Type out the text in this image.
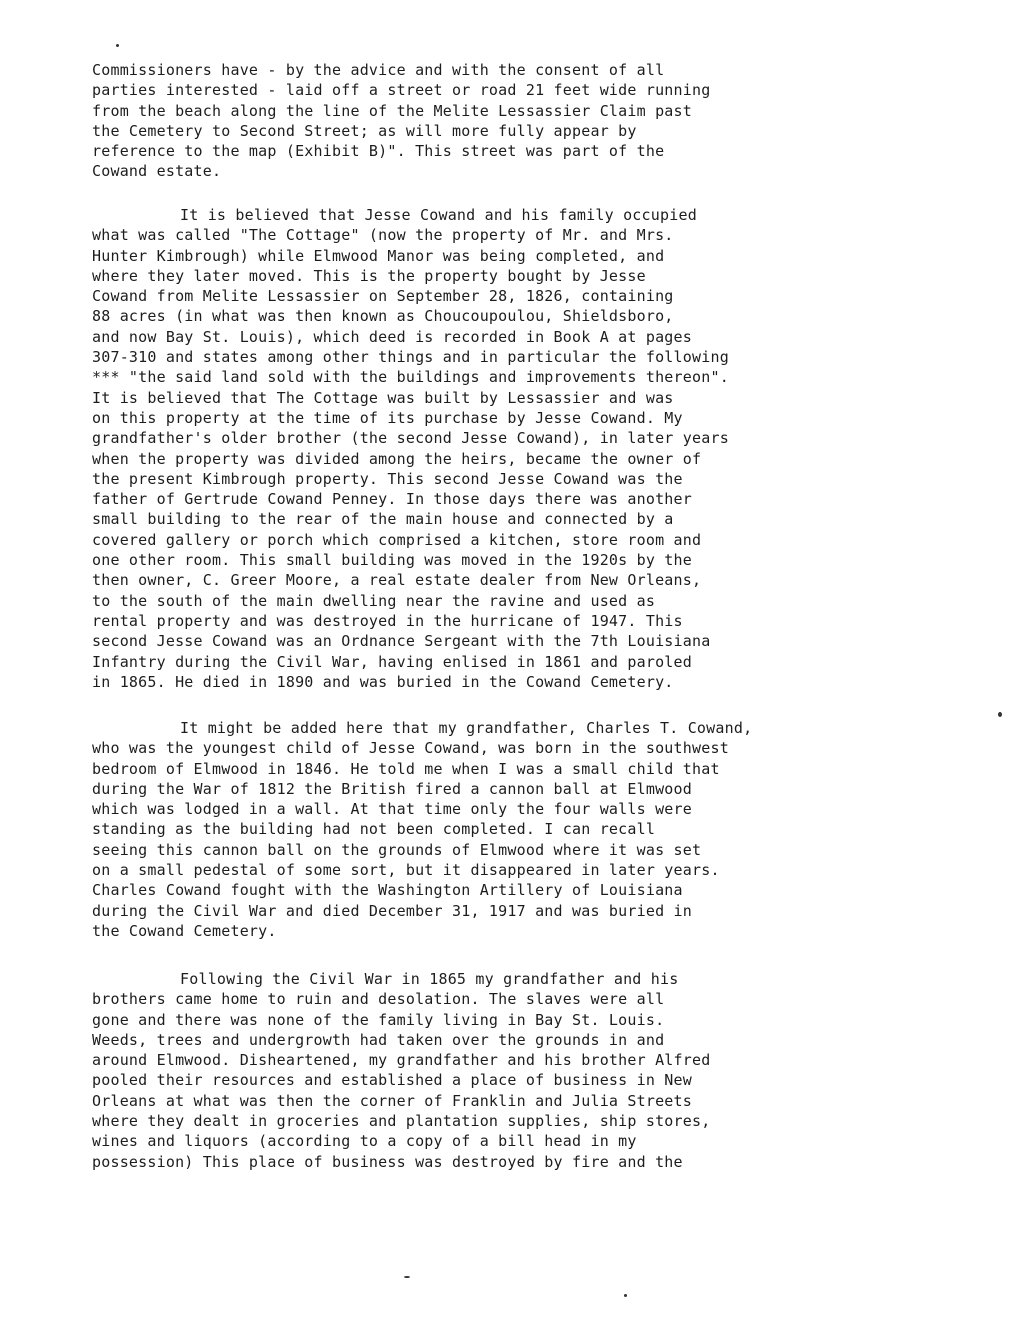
Commissioners have - by the advice and with the consent of all
parties interested - laid off a street or road 21 feet wide running
from the beach along the line of the Melite Lessassier Claim past
the Cemetery to Second Street; as will more fully appear by
reference to the map (Exhibit B)". This street was part of the
Cowand estate.
It is believed that Jesse Cowand and his family occupied
what was called "The Cottage" (now the property of Mr. and Mrs.
Hunter Kimbrough) while Elmwood Manor was being completed, and
where they later moved. This is the property bought by Jesse
Cowand from Melite Lessassier on September 28, 1826, containing
88 acres (in what was then known as Choucoupoulou, Shieldsboro,
and now Bay St. Louis), which deed is recorded in Book A at pages
307-310 and states among other things and in particular the following
*** "the said land sold with the buildings and improvements thereon".
It is believed that The Cottage was built by Lessassier and was
on this property at the time of its purchase by Jesse Cowand. My
grandfather's older brother (the second Jesse Cowand), in later years
when the property was divided among the heirs, became the owner of
the present Kimbrough property. This second Jesse Cowand was the
father of Gertrude Cowand Penney. In those days there was another
small building to the rear of the main house and connected by a
covered gallery or porch which comprised a kitchen, store room and
one other room. This small building was moved in the 1920s by the
then owner, C. Greer Moore, a real estate dealer from New Orleans,
to the south of the main dwelling near the ravine and used as
rental property and was destroyed in the hurricane of 1947. This
second Jesse Cowand was an Ordnance Sergeant with the 7th Louisiana
Infantry during the Civil War, having enlised in 1861 and paroled
in 1865. He died in 1890 and was buried in the Cowand Cemetery.
It might be added here that my grandfather, Charles T. Cowand,
who was the youngest child of Jesse Cowand, was born in the southwest
bedroom of Elmwood in 1846. He told me when I was a small child that
during the War of 1812 the British fired a cannon ball at Elmwood
which was lodged in a wall. At that time only the four walls were
standing as the building had not been completed. I can recall
seeing this cannon ball on the grounds of Elmwood where it was set
on a small pedestal of some sort, but it disappeared in later years.
Charles Cowand fought with the Washington Artillery of Louisiana
during the Civil War and died December 31, 1917 and was buried in
the Cowand Cemetery.
Following the Civil War in 1865 my grandfather and his
brothers came home to ruin and desolation. The slaves were all
gone and there was none of the family living in Bay St. Louis.
Weeds, trees and undergrowth had taken over the grounds in and
around Elmwood. Disheartened, my grandfather and his brother Alfred
pooled their resources and established a place of business in New
Orleans at what was then the corner of Franklin and Julia Streets
where they dealt in groceries and plantation supplies, ship stores,
wines and liquors (according to a copy of a bill head in my
possession) This place of business was destroyed by fire and the
